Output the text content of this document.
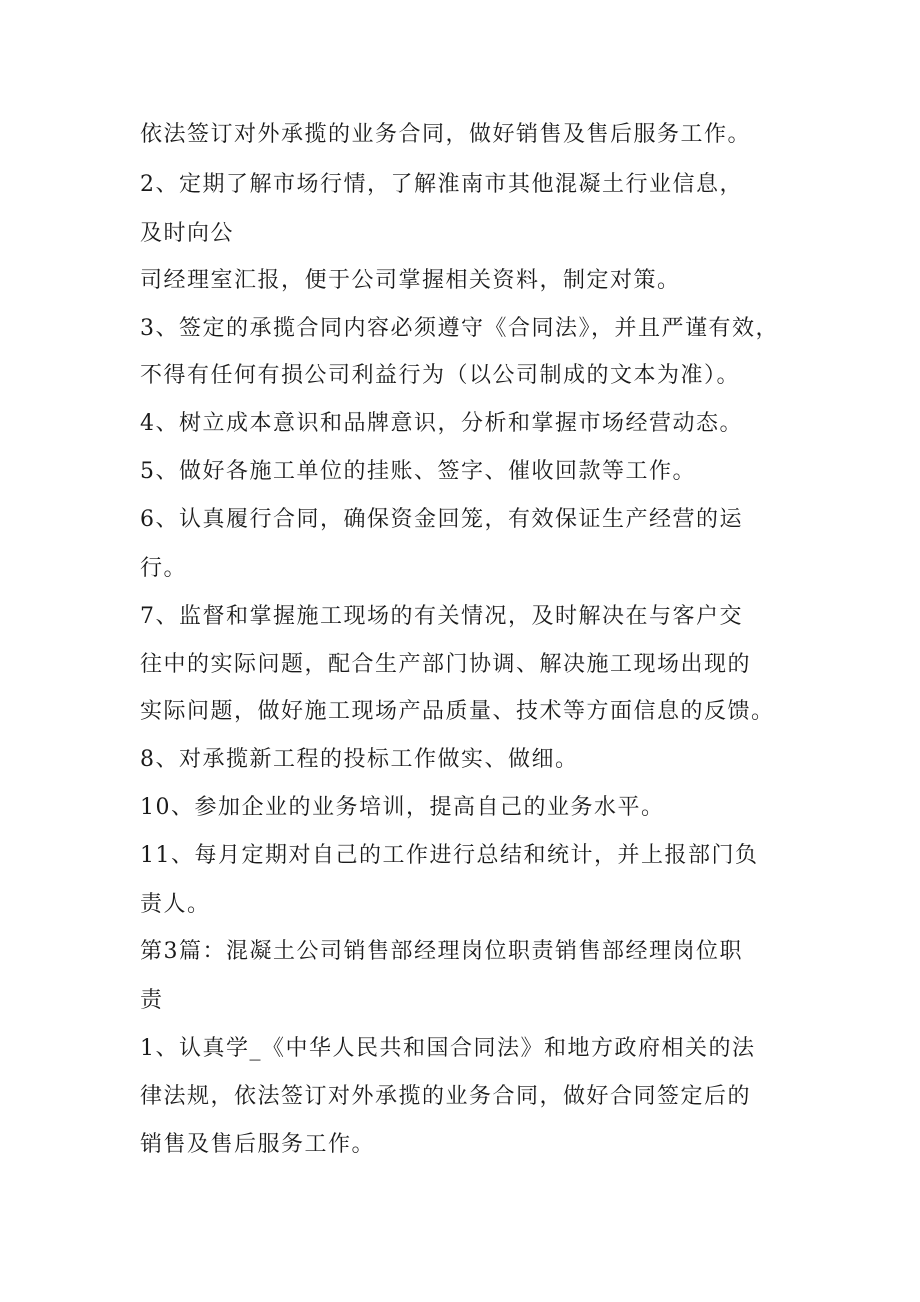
依法签订对外承揽的业务合同，做好销售及售后服务工作。
2、定期了解市场行情，了解淮南市其他混凝土行业信息，
及时向公
司经理室汇报，便于公司掌握相关资料，制定对策。
3、签定的承揽合同内容必须遵守《合同法》，并且严谨有效，
不得有任何有损公司利益行为（以公司制成的文本为准）。
4、树立成本意识和品牌意识，分析和掌握市场经营动态。
5、做好各施工单位的挂账、签字、催收回款等工作。
6、认真履行合同，确保资金回笼，有效保证生产经营的运
行。
7、监督和掌握施工现场的有关情况，及时解决在与客户交
往中的实际问题，配合生产部门协调、解决施工现场出现的
实际问题，做好施工现场产品质量、技术等方面信息的反馈。
8、对承揽新工程的投标工作做实、做细。
10、参加企业的业务培训，提高自己的业务水平。
11、每月定期对自己的工作进行总结和统计，并上报部门负
责人。
第3篇：混凝土公司销售部经理岗位职责销售部经理岗位职
责
1、认真学_《中华人民共和国合同法》和地方政府相关的法
律法规，依法签订对外承揽的业务合同，做好合同签定后的
销售及售后服务工作。
